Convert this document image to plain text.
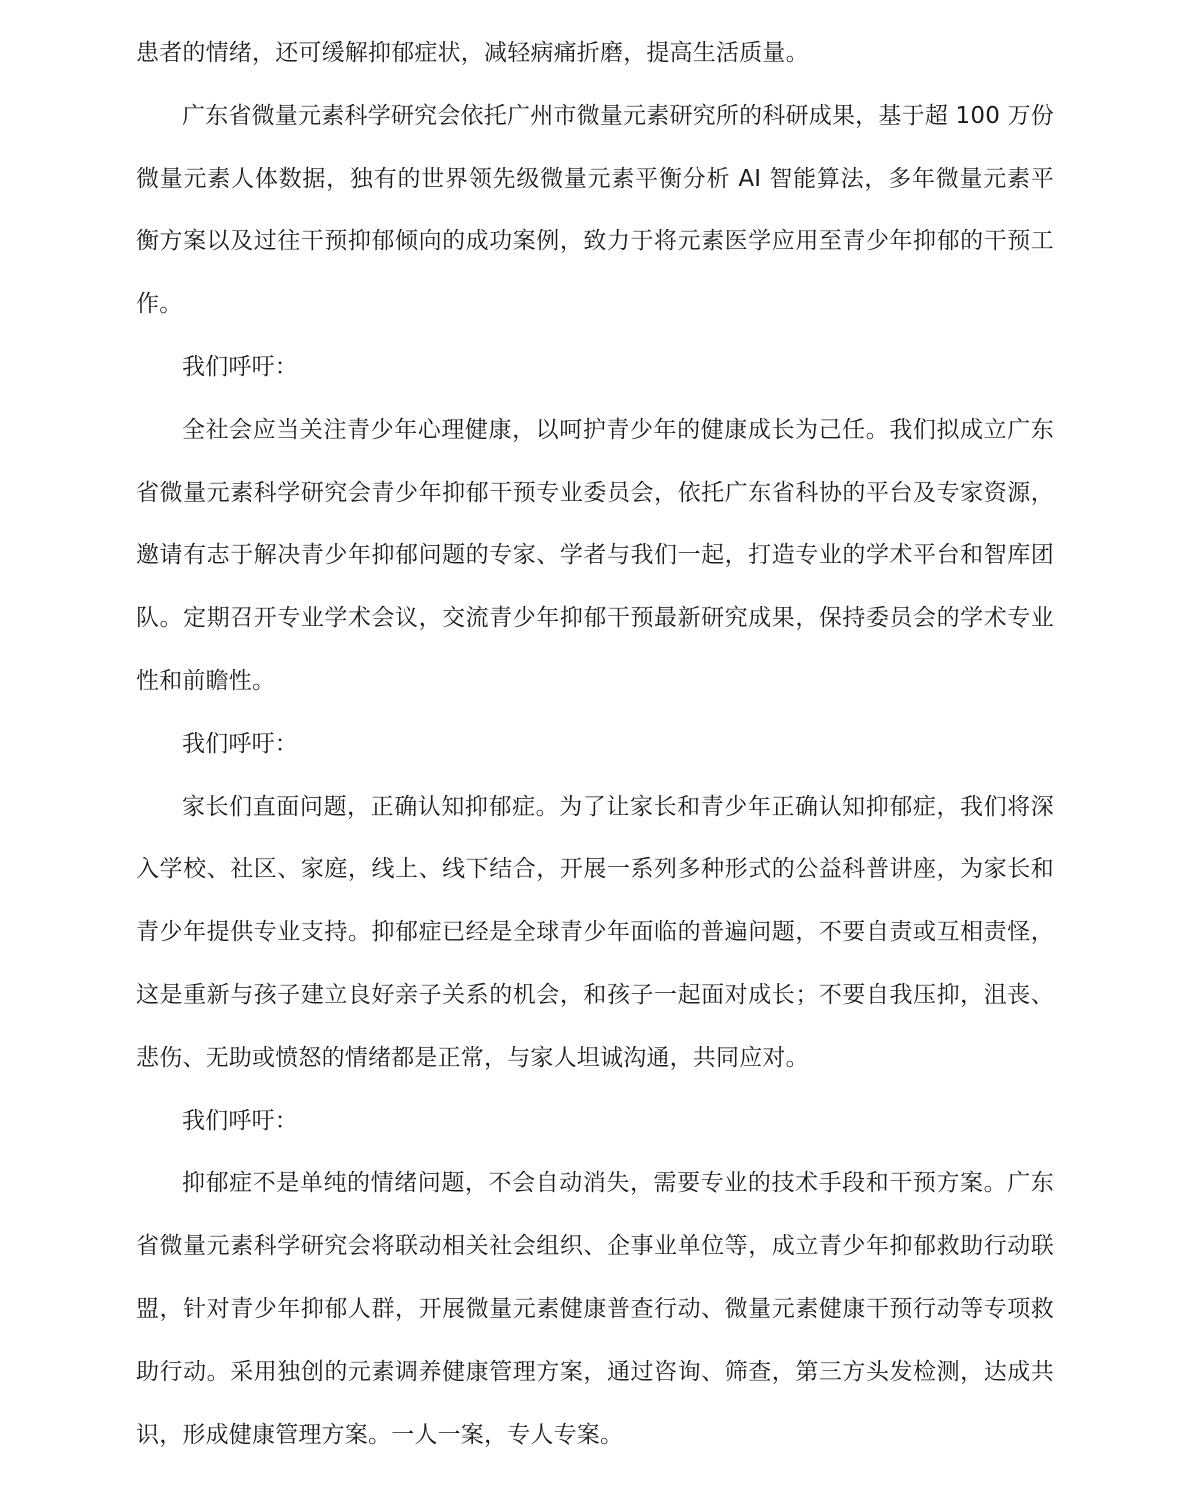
患者的情绪，还可缓解抑郁症状，减轻病痛折磨，提高生活质量。

广东省微量元素科学研究会依托广州市微量元素研究所的科研成果，基于超 100 万份微量元素人体数据，独有的世界领先级微量元素平衡分析 AI 智能算法，多年微量元素平衡方案以及过往干预抑郁倾向的成功案例，致力于将元素医学应用至青少年抑郁的干预工作。

我们呼吁：

全社会应当关注青少年心理健康，以呵护青少年的健康成长为己任。我们拟成立广东省微量元素科学研究会青少年抑郁干预专业委员会，依托广东省科协的平台及专家资源，邀请有志于解决青少年抑郁问题的专家、学者与我们一起，打造专业的学术平台和智库团队。定期召开专业学术会议，交流青少年抑郁干预最新研究成果，保持委员会的学术专业性和前瞻性。

我们呼吁：

家长们直面问题，正确认知抑郁症。为了让家长和青少年正确认知抑郁症，我们将深入学校、社区、家庭，线上、线下结合，开展一系列多种形式的公益科普讲座，为家长和青少年提供专业支持。抑郁症已经是全球青少年面临的普遍问题，不要自责或互相责怪，这是重新与孩子建立良好亲子关系的机会，和孩子一起面对成长；不要自我压抑，沮丧、悲伤、无助或愤怒的情绪都是正常，与家人坦诚沟通，共同应对。

我们呼吁：

抑郁症不是单纯的情绪问题，不会自动消失，需要专业的技术手段和干预方案。广东省微量元素科学研究会将联动相关社会组织、企事业单位等，成立青少年抑郁救助行动联盟，针对青少年抑郁人群，开展微量元素健康普查行动、微量元素健康干预行动等专项救助行动。采用独创的元素调养健康管理方案，通过咨询、筛查，第三方头发检测，达成共识，形成健康管理方案。一人一案，专人专案。
